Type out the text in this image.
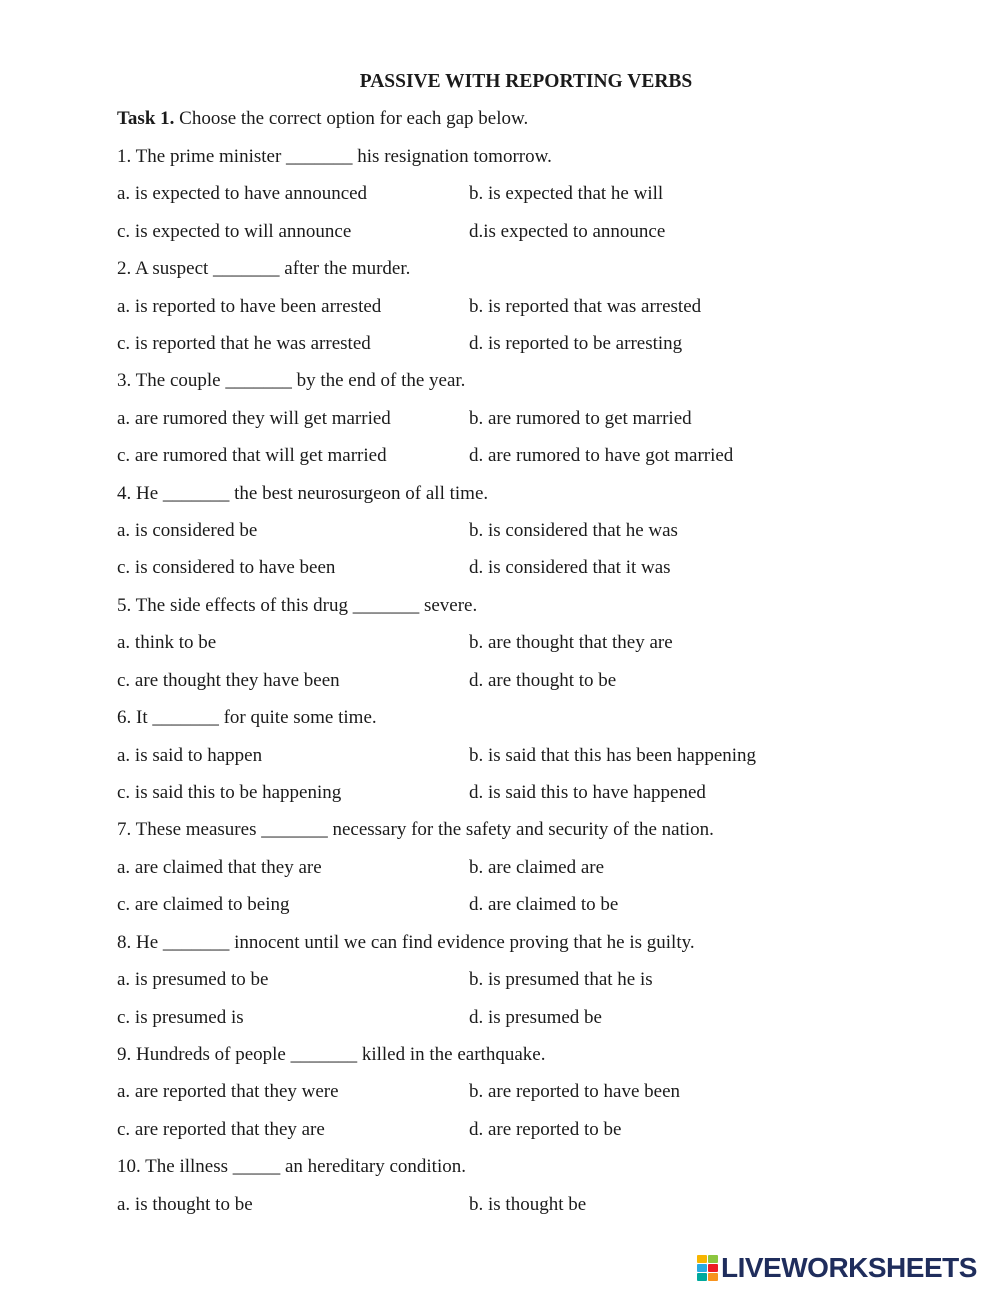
PASSIVE WITH REPORTING VERBS
Task 1. Choose the correct option for each gap below.
1. The prime minister _______ his resignation tomorrow.
a. is expected to have announced	b. is expected that he will
c. is expected to will announce	d.is expected to announce
2. A suspect _______ after the murder.
a. is reported to have been arrested	b. is reported that was arrested
c. is reported that he was arrested	d. is reported to be arresting
3. The couple _______ by the end of the year.
a. are rumored they will get married	b. are rumored to get married
c. are rumored that will get married	d. are rumored to have got married
4. He _______ the best neurosurgeon of all time.
a. is considered be	b. is considered that he was
c. is considered to have been	d. is considered that it was
5. The side effects of this drug _______ severe.
a. think to be	b. are thought that they are
c. are thought they have been	d. are thought to be
6. It _______ for quite some time.
a. is said to happen	b. is said that this has been happening
c. is said this to be happening	d. is said this to have happened
7. These measures _______ necessary for the safety and security of the nation.
a. are claimed that they are	b. are claimed are
c. are claimed to being	d. are claimed to be
8. He _______ innocent until we can find evidence proving that he is guilty.
a. is presumed to be	b. is presumed that he is
c. is presumed is	d. is presumed be
9. Hundreds of people _______ killed in the earthquake.
a. are reported that they were	b. are reported to have been
c. are reported that they are	d. are reported to be
10. The illness _____ an hereditary condition.
a. is thought to be	b. is thought be
LIVEWORKSHEETS
